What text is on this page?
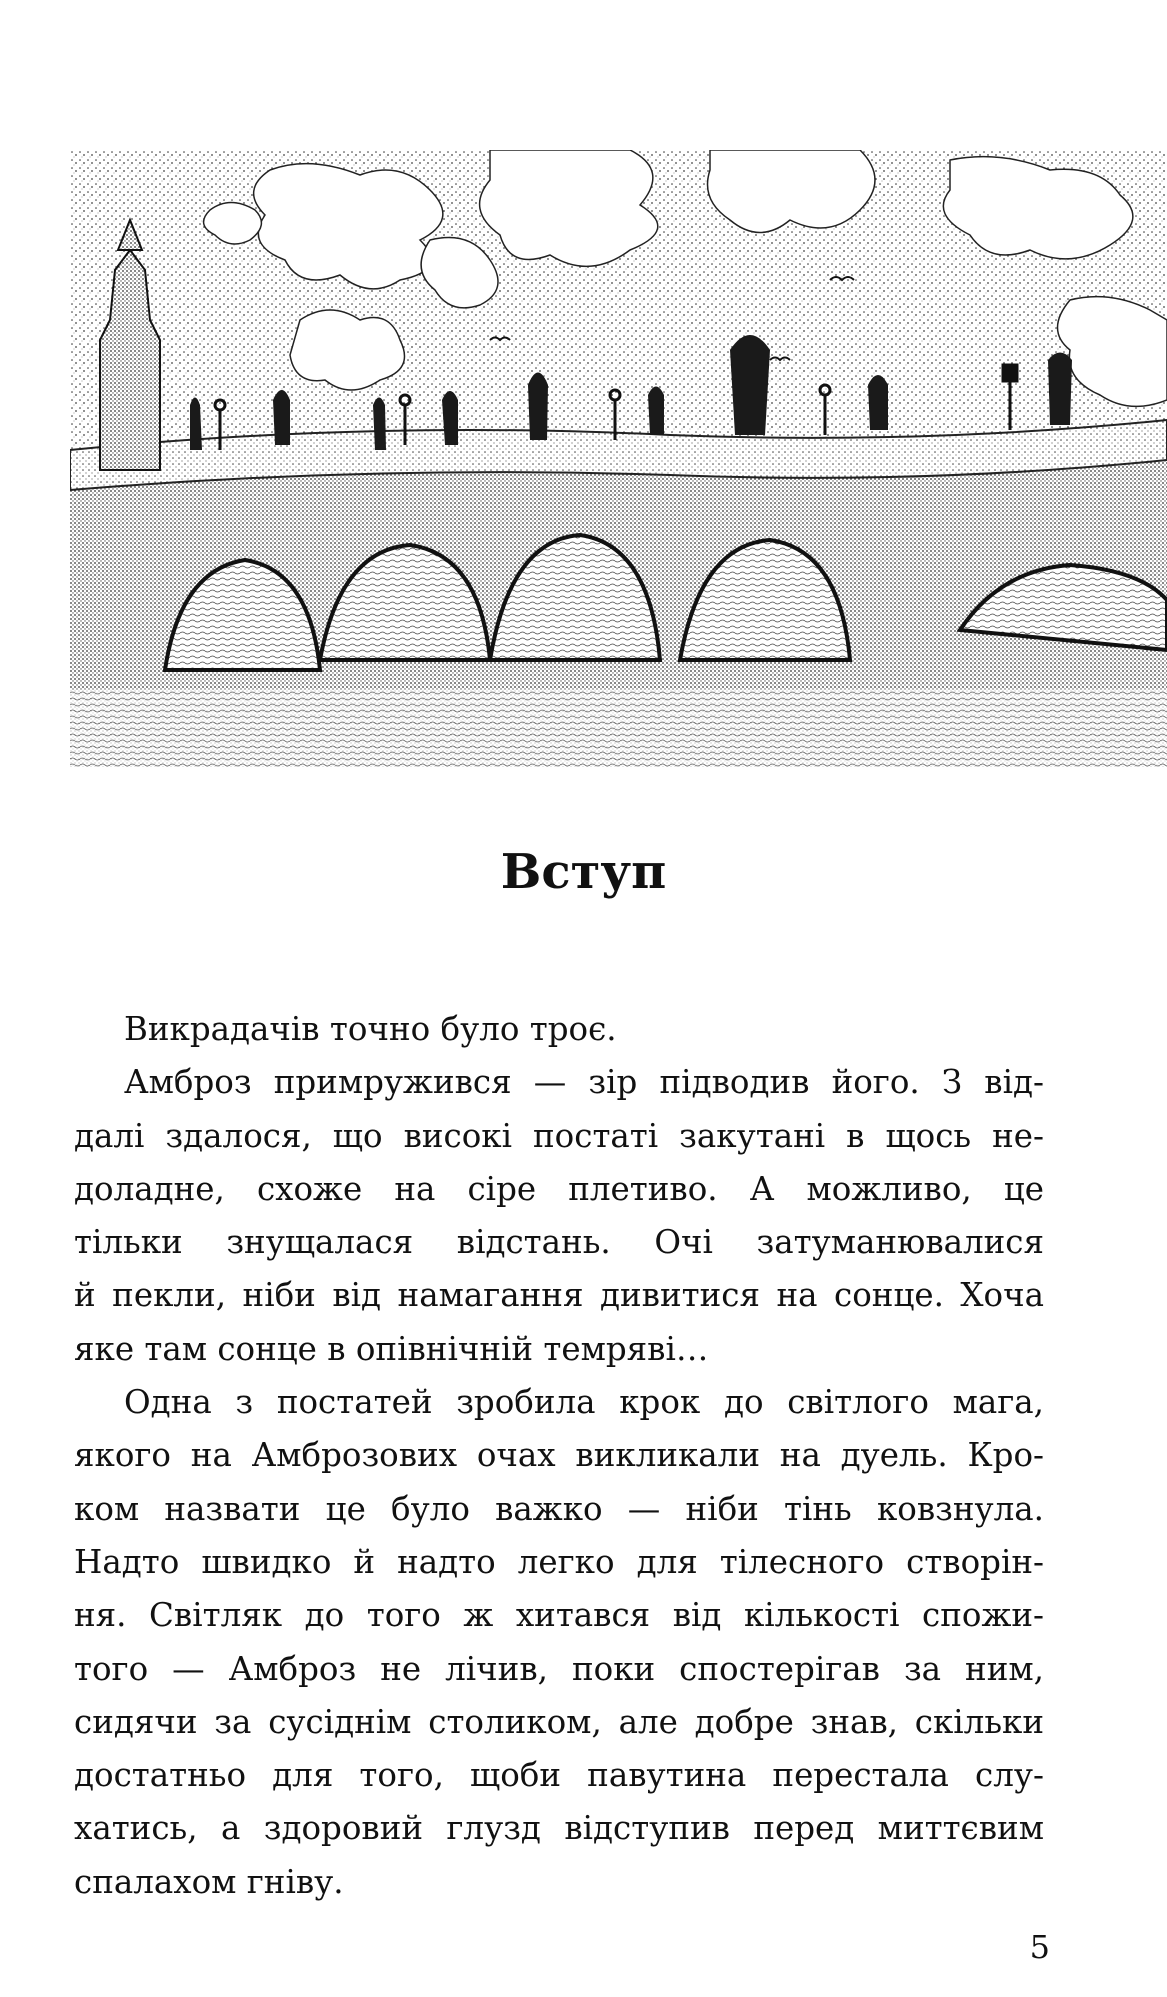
Вступ
Викрадачів точно було троє.
Амброз примружився — зір підводив його. З від-
далі здалося, що високі постаті закутані в щось не-
доладне, схоже на сіре плетиво. А можливо, це
тільки знущалася відстань. Очі затуманювалися
й пекли, ніби від намагання дивитися на сонце. Хоча
яке там сонце в опівнічній темряві…
Одна з постатей зробила крок до світлого мага,
якого на Амброзових очах викликали на дуель. Кро-
ком назвати це було важко — ніби тінь ковзнула.
Надто швидко й надто легко для тілесного створін-
ня. Світляк до того ж хитався від кількості спожи-
того — Амброз не лічив, поки спостерігав за ним,
сидячи за сусіднім столиком, але добре знав, скільки
достатньо для того, щоби павутина перестала слу-
хатись, а здоровий глузд відступив перед миттєвим
спалахом гніву.
5
